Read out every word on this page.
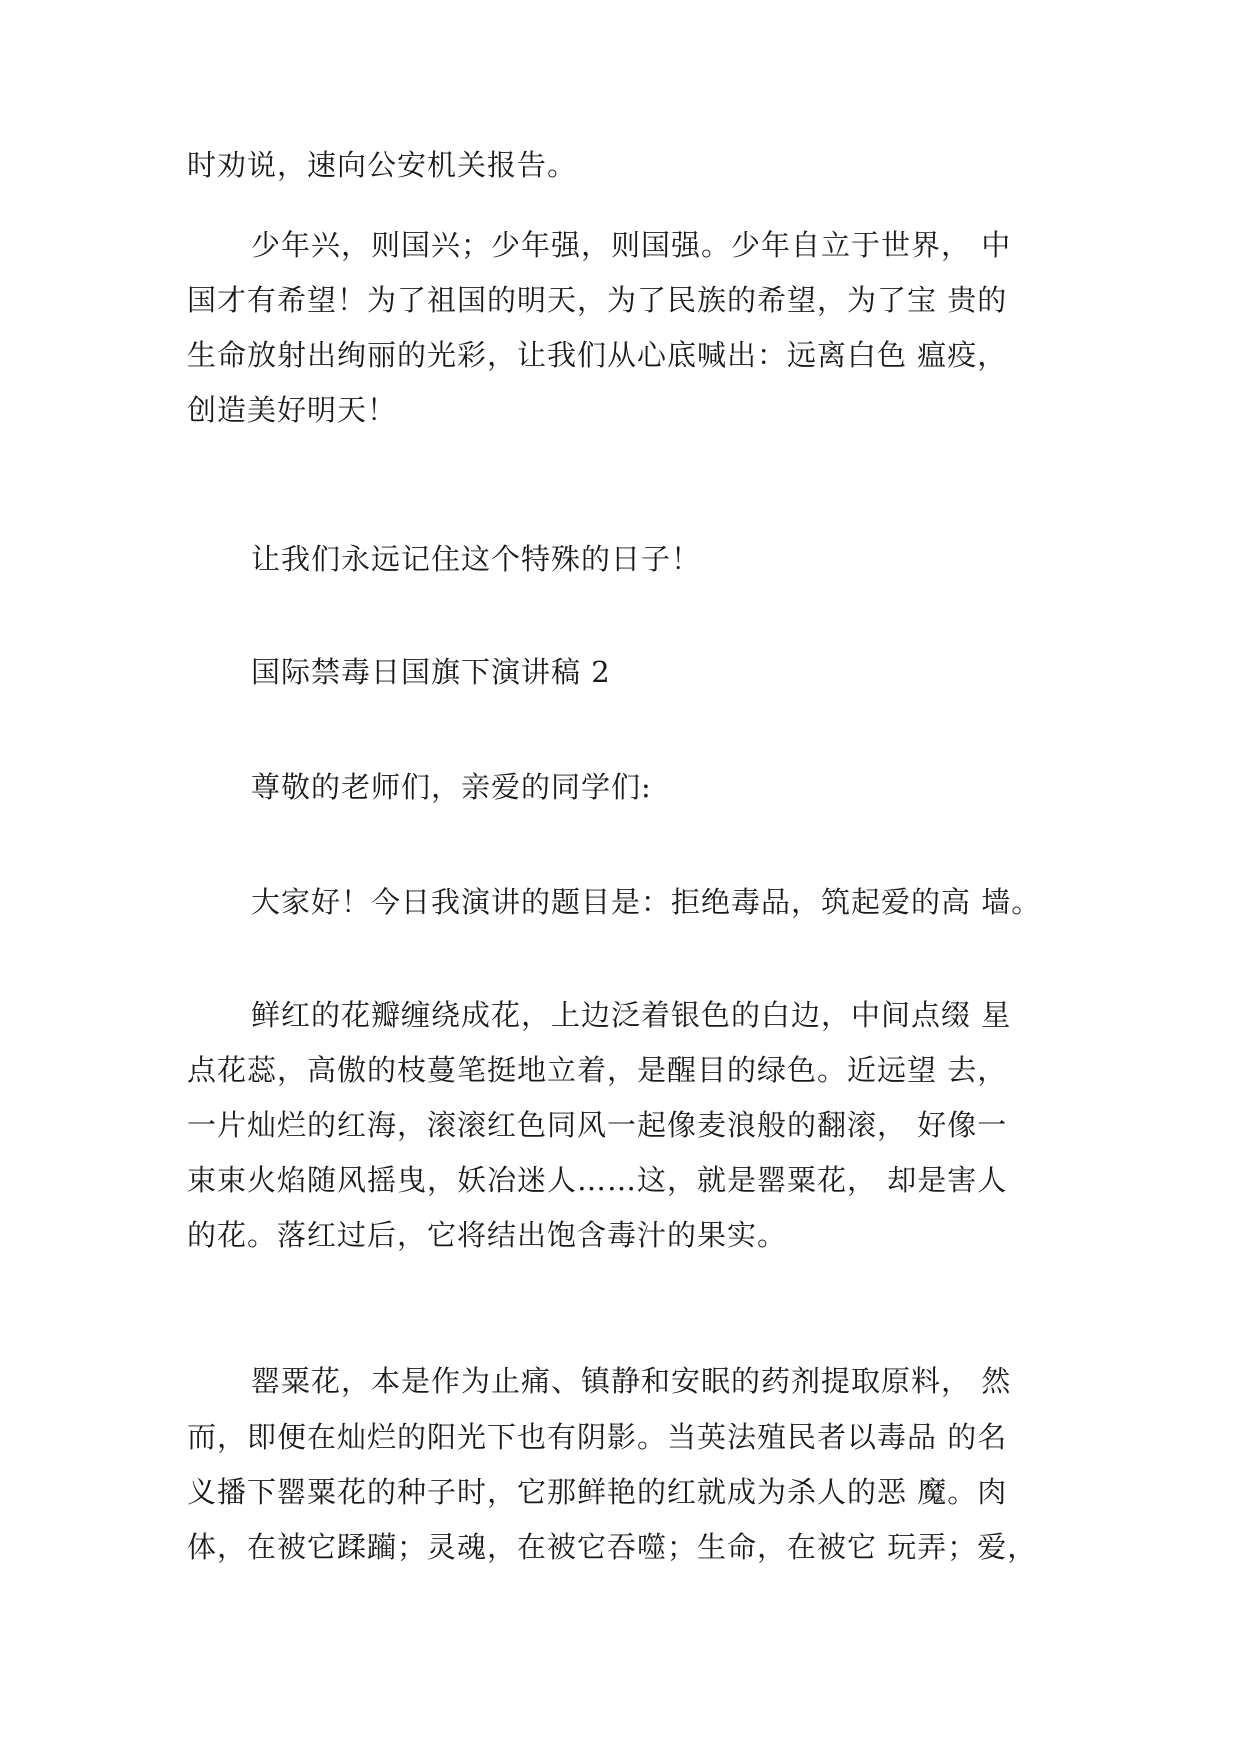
时劝说，速向公安机关报告。
少年兴，则国兴；少年强，则国强。少年自立于世界， 中
国才有希望！为了祖国的明天，为了民族的希望，为了宝 贵的
生命放射出绚丽的光彩，让我们从心底喊出：远离白色 瘟疫，
创造美好明天！
让我们永远记住这个特殊的日子！
国际禁毒日国旗下演讲稿 2
尊敬的老师们，亲爱的同学们:
大家好！今日我演讲的题目是：拒绝毒品，筑起爱的高 墙。
鲜红的花瓣缠绕成花，上边泛着银色的白边，中间点缀 星
点花蕊，高傲的枝蔓笔挺地立着，是醒目的绿色。近远望 去，
一片灿烂的红海，滚滚红色同风一起像麦浪般的翻滚， 好像一
束束火焰随风摇曳，妖冶迷人……这，就是罂粟花， 却是害人
的花。落红过后，它将结出饱含毒汁的果实。
罂粟花，本是作为止痛、镇静和安眠的药剂提取原料， 然
而，即便在灿烂的阳光下也有阴影。当英法殖民者以毒品 的名
义播下罂粟花的种子时，它那鲜艳的红就成为杀人的恶 魔。肉
体，在被它蹂躏；灵魂，在被它吞噬；生命，在被它 玩弄；爱，
